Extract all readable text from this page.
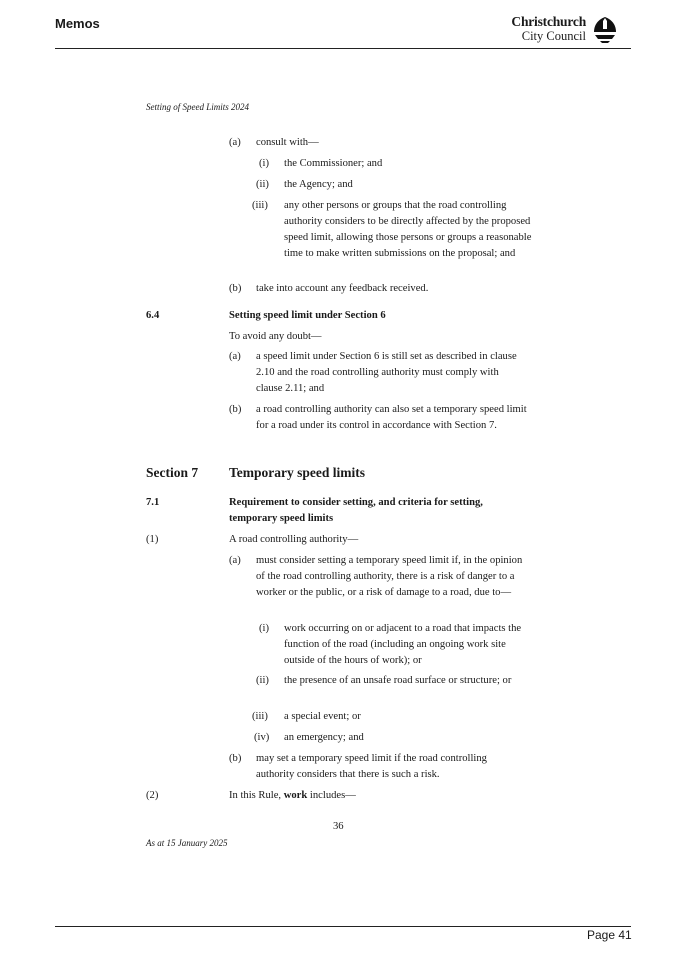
Memos	Christchurch
City Council
Setting of Speed Limits 2024
(a) consult with—
(i) the Commissioner; and
(ii) the Agency; and
(iii) any other persons or groups that the road controlling authority considers to be directly affected by the proposed speed limit, allowing those persons or groups a reasonable time to make written submissions on the proposal; and
(b) take into account any feedback received.
6.4	Setting speed limit under Section 6
To avoid any doubt—
(a) a speed limit under Section 6 is still set as described in clause 2.10 and the road controlling authority must comply with clause 2.11; and
(b) a road controlling authority can also set a temporary speed limit for a road under its control in accordance with Section 7.
Section 7 Temporary speed limits
7.1	Requirement to consider setting, and criteria for setting, temporary speed limits
(1)	A road controlling authority—
(a) must consider setting a temporary speed limit if, in the opinion of the road controlling authority, there is a risk of danger to a worker or the public, or a risk of damage to a road, due to—
(i) work occurring on or adjacent to a road that impacts the function of the road (including an ongoing work site outside of the hours of work); or
(ii) the presence of an unsafe road surface or structure; or
(iii) a special event; or
(iv) an emergency; and
(b) may set a temporary speed limit if the road controlling authority considers that there is such a risk.
(2)	In this Rule, work includes—
36
As at 15 January 2025
Page 41
